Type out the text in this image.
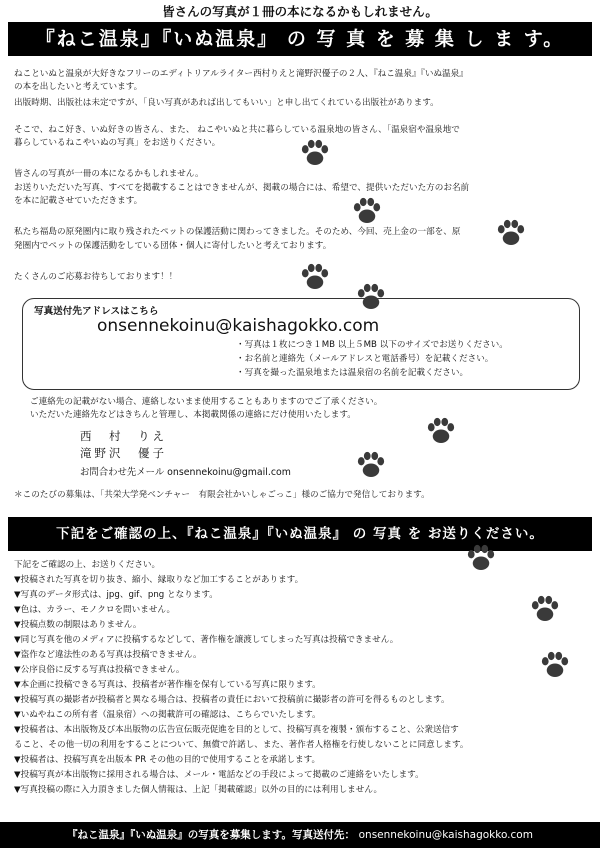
皆さんの写真が１冊の本になるかもしれません。
『ねこ温泉』『いぬ温泉』 の 写 真 を 募 集 し ま す。
ねこといぬと温泉が大好きなフリーのエディトリアルライター西村りえと滝野沢優子の２人、『ねこ温泉』『いぬ温泉』
の本を出したいと考えています。
出版時期、出版社は未定ですが、「良い写真があれば出してもいい」と申し出てくれている出版社があります。
そこで、ねこ好き、いぬ好きの皆さん、また、 ねこやいぬと共に暮らしている温泉地の皆さん、「温泉宿や温泉地で
暮らしているねこやいぬの写真」をお送りください。
皆さんの写真が一冊の本になるかもしれません。
お送りいただいた写真、すべてを掲載することはできませんが、掲載の場合には、希望で、提供いただいた方のお名前
を本に記載させていただきます。
私たち福島の原発圏内に取り残されたペットの保護活動に関わってきました。そのため、今回、売上金の一部を、原
発圏内でペットの保護活動をしている団体・個人に寄付したいと考えております。
たくさんのご応募お待ちしております！！
写真送付先アドレスはこちら
onsennekoinu@kaishagokko.com
・写真は１枚につき１MB 以上５MB 以下のサイズでお送りください。
・お名前と連絡先（メールアドレスと電話番号）を記載ください。
・写真を撮った温泉地または温泉宿の名前を記載ください。
ご連絡先の記載がない場合、連絡しないまま使用することもありますのでご了承ください。
いただいた連絡先などはきちんと管理し、本掲載関係の連絡にだけ使用いたします。
西　村　りえ
滝野沢　優子
お問合わせ先メール onsennekoinu@gmail.com
＊このたびの募集は、「共栄大学発ベンチャー　有限会社かいしゃごっこ」様のご協力で発信しております。
下記をご確認の上、『ねこ温泉』『いぬ温泉』 の 写真 を お送りください。
下記をご確認の上、お送りください。
▼投稿された写真を切り抜き、縮小、縁取りなど加工することがあります。
▼写真のデータ形式は、jpg、gif、png となります。
▼色は、カラー、モノクロを問いません。
▼投稿点数の制限はありません。
▼同じ写真を他のメディアに投稿するなどして、著作権を譲渡してしまった写真は投稿できません。
▼盗作など違法性のある写真は投稿できません。
▼公序良俗に反する写真は投稿できません。
▼本企画に投稿できる写真は、投稿者が著作権を保有している写真に限ります。
▼投稿写真の撮影者が投稿者と異なる場合は、投稿者の責任において投稿前に撮影者の許可を得るものとします。
▼いぬやねこの所有者（温泉宿）への掲載許可の確認は、こちらでいたします。
▼投稿者は、本出版物及び本出版物の広告宣伝販売促進を目的として、投稿写真を複製・頒布すること、公衆送信す
ること、その他一切の利用をすることについて、無償で許諾し、また、著作者人格権を行使しないことに同意します。
▼投稿者は、投稿写真を出版本 PR その他の目的で使用することを承諾します。
▼投稿写真が本出版物に採用される場合は、メール・電話などの手段によって掲載のご連絡をいたします。
▼写真投稿の際に入力頂きました個人情報は、上記「掲載確認」以外の目的には利用しません。
『ねこ温泉』『いぬ温泉』の写真を募集します。写真送付先： onsennekoinu@kaishagokko.com
